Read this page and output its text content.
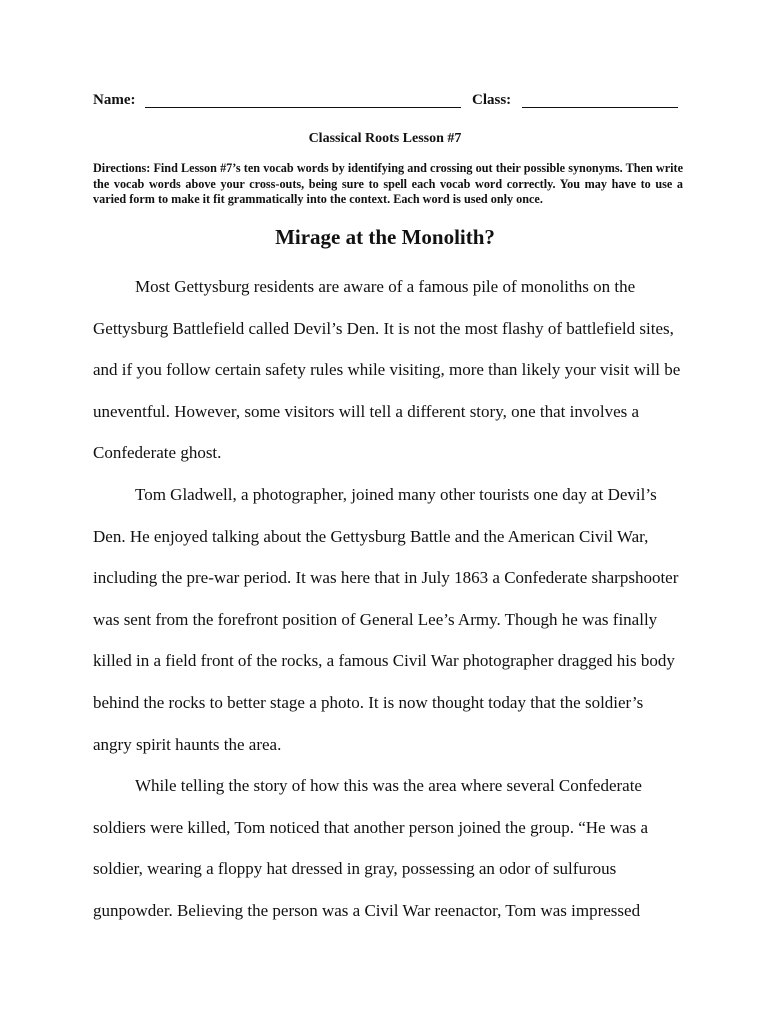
Name:	Class:
Classical Roots Lesson #7
Directions: Find Lesson #7’s ten vocab words by identifying and crossing out their possible synonyms. Then write the vocab words above your cross-outs, being sure to spell each vocab word correctly. You may have to use a varied form to make it fit grammatically into the context. Each word is used only once.
Mirage at the Monolith?

Most Gettysburg residents are aware of a famous pile of monoliths on the Gettysburg Battlefield called Devil’s Den. It is not the most flashy of battlefield sites, and if you follow certain safety rules while visiting, more than likely your visit will be uneventful. However, some visitors will tell a different story, one that involves a Confederate ghost.

Tom Gladwell, a photographer, joined many other tourists one day at Devil’s Den. He enjoyed talking about the Gettysburg Battle and the American Civil War, including the pre-war period. It was here that in July 1863 a Confederate sharpshooter was sent from the forefront position of General Lee’s Army. Though he was finally killed in a field front of the rocks, a famous Civil War photographer dragged his body behind the rocks to better stage a photo. It is now thought today that the soldier’s angry spirit haunts the area.

While telling the story of how this was the area where several Confederate soldiers were killed, Tom noticed that another person joined the group. “He was a soldier, wearing a floppy hat dressed in gray, possessing an odor of sulfurous gunpowder. Believing the person was a Civil War reenactor, Tom was impressed
